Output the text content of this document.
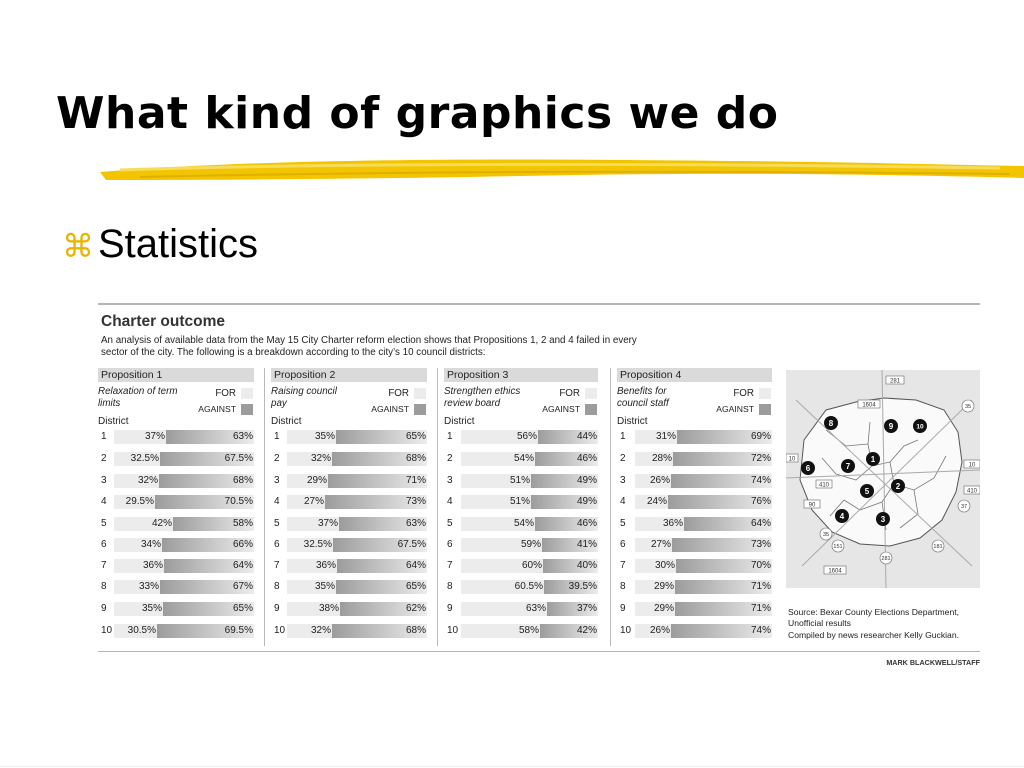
What kind of graphics we do
⌘ Statistics
Charter outcome
An analysis of available data from the May 15 City Charter reform election shows that Propositions 1, 2 and 4 failed in every sector of the city. The following is a breakdown according to the city’s 10 council districts:
Proposition 1
Relaxation of term limits
FOR
AGAINST
District
1	37%	63%
2 32.5%	67.5%
3	32%	68%
4 29.5%	70.5%
5	42%	58%
6	34%	66%
7	36%	64%
8	33%	67%
9	35%	65%
10 30.5%	69.5%
Proposition 2
Raising council pay
FOR
AGAINST
District
1	35%	65%
2	32%	68%
3	29%	71%
4 27%	73%
5	37%	63%
6 32.5%	67.5%
7	36%	64%
8	35%	65%
9	38%	62%
10	32%	68%
Proposition 3
Strengthen ethics review board
FOR
AGAINST
District
1	56%	44%
2	54%	46%
3	51%	49%
4	51%	49%
5	54%	46%
6	59%	41%
7	60%	40%
8	60.5%	39.5%
9	63%	37%
10	58%	42%
Proposition 4
Benefits for council staff
FOR
AGAINST
District
1	31%	69%
2	28%	72%
3 26%	74%
4 24%	76%
5	36%	64%
6	27%	73%
7	30%	70%
8	29%	71%
9	29%	71%
10 26%	74%
281
1604	35
10
410
90
151
37
181
1604
281
410
10
35
1
2
3
4
5
6	7
8	9	10
Source: Bexar County Elections Department, Unofficial results
Compiled by news researcher Kelly Guckian.
MARK BLACKWELL/STAFF
